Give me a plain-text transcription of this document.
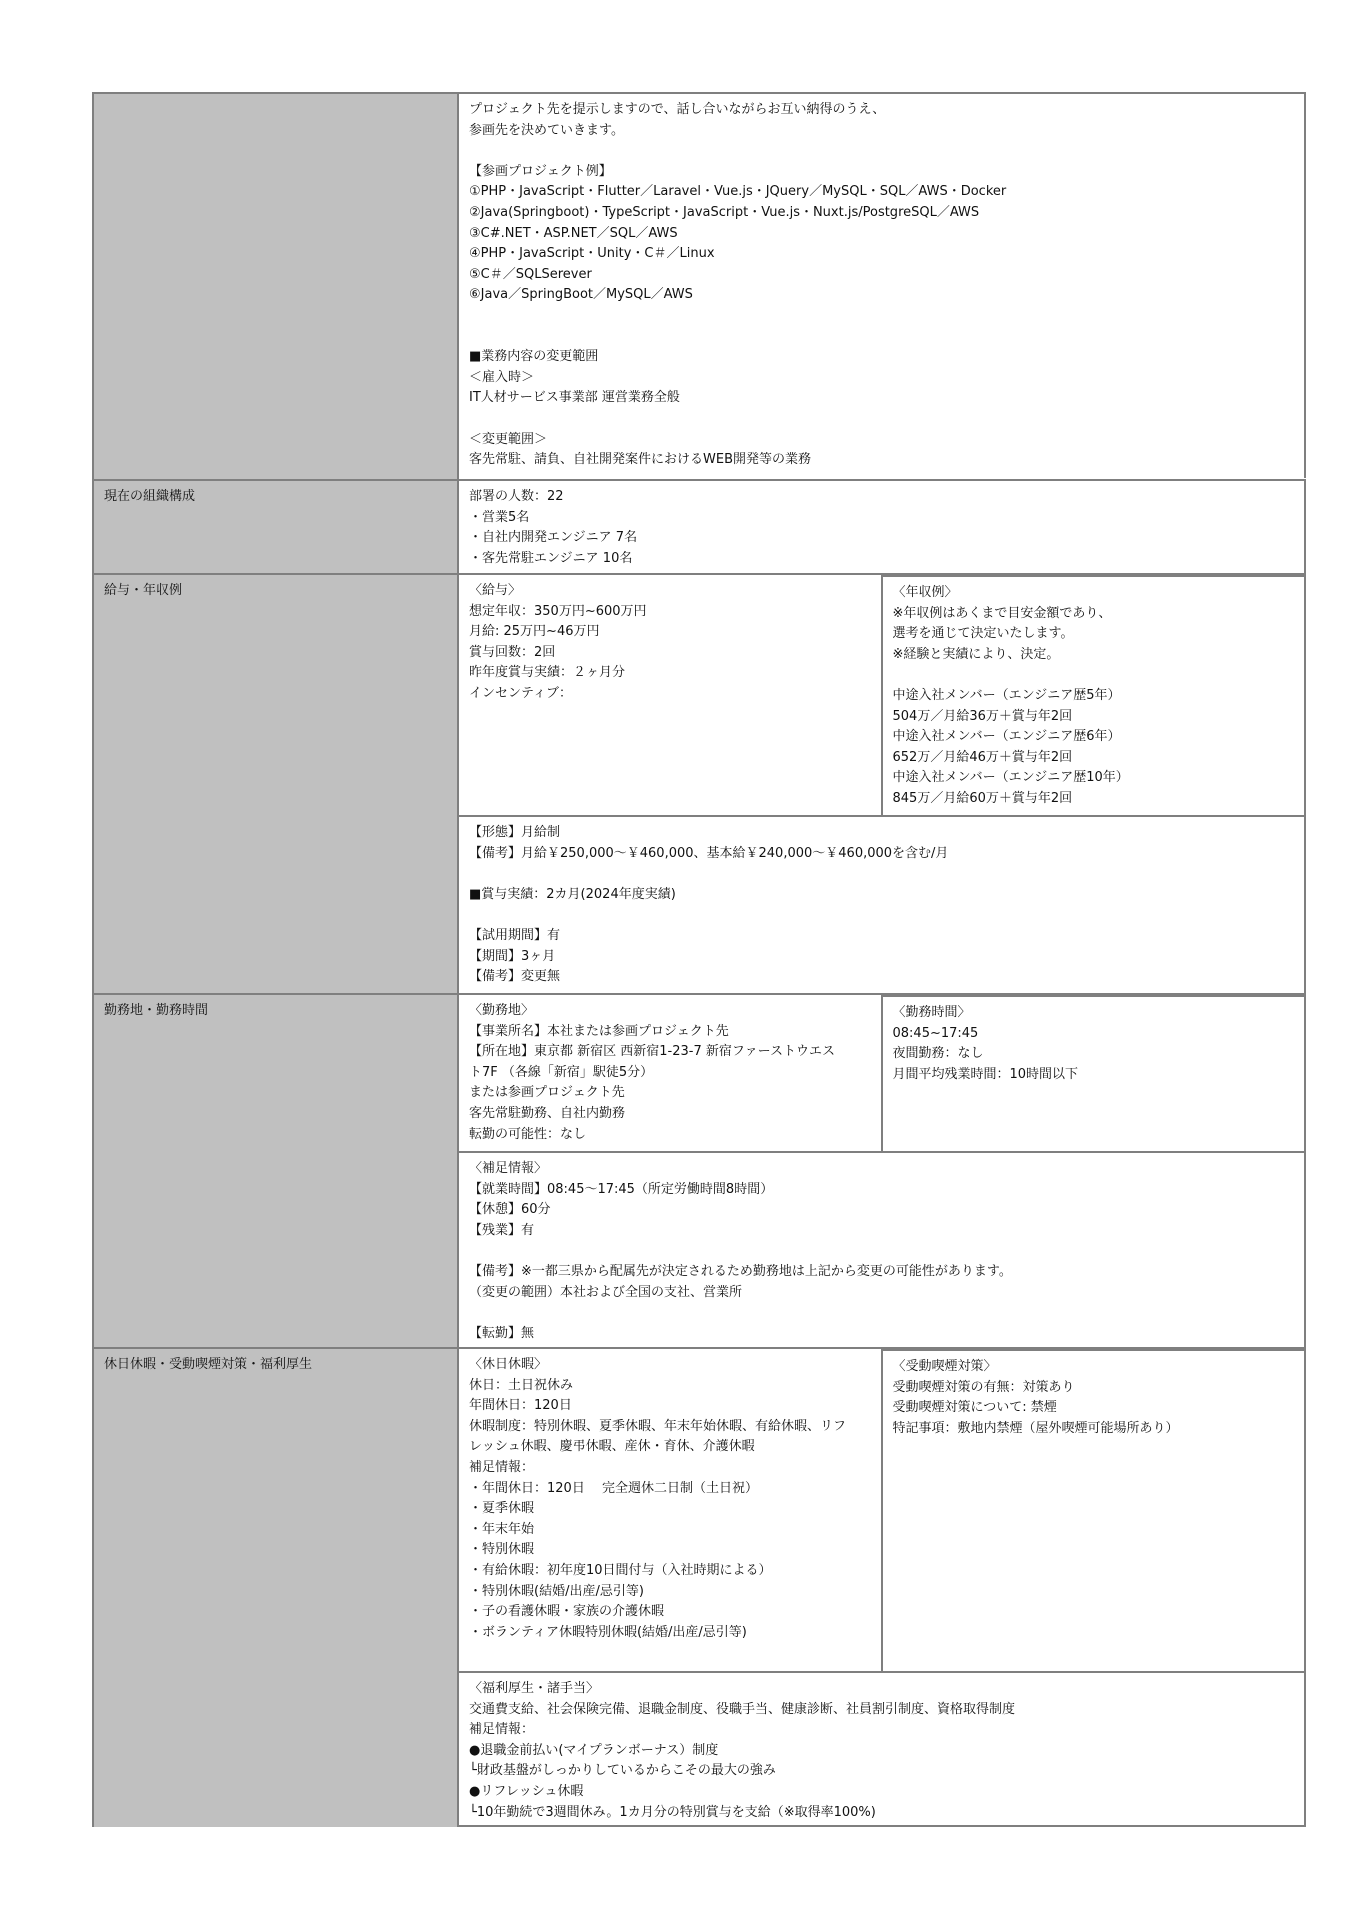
プロジェクト先を提示しますので、話し合いながらお互い納得のうえ、
参画先を決めていきます。
【参画プロジェクト例】
①PHP・JavaScript・Flutter／Laravel・Vue.js・JQuery／MySQL・SQL／AWS・Docker
②Java(Springboot)・TypeScript・JavaScript・Vue.js・Nuxt.js/PostgreSQL／AWS
③C#.NET・ASP.NET／SQL／AWS
④PHP・JavaScript・Unity・C＃／Linux
⑤C＃／SQLSerever
⑥Java／SpringBoot／MySQL／AWS
■業務内容の変更範囲
＜雇入時＞
IT人材サービス事業部 運営業務全般
＜変更範囲＞
客先常駐、請負、自社開発案件におけるWEB開発等の業務
現在の組織構成	部署の人数：22
・営業5名
・自社内開発エンジニア 7名
・客先常駐エンジニア 10名
給与・年収例	〈給与〉
想定年収：350万円~600万円
月給: 25万円~46万円
賞与回数：2回
昨年度賞与実績：２ヶ月分
インセンティブ：
〈年収例〉
※年収例はあくまで目安金額であり、
選考を通じて決定いたします。
※経験と実績により、決定。
中途入社メンバー（エンジニア歴5年）
504万／月給36万＋賞与年2回
中途入社メンバー（エンジニア歴6年）
652万／月給46万＋賞与年2回
中途入社メンバー（エンジニア歴10年）
845万／月給60万＋賞与年2回
【形態】月給制
【備考】月給￥250,000～￥460,000、基本給￥240,000～￥460,000を含む/月
■賞与実績：2カ月(2024年度実績)
【試用期間】有
【期間】3ヶ月
【備考】変更無
勤務地・勤務時間	〈勤務地〉
【事業所名】本社または参画プロジェクト先
【所在地】東京都 新宿区 西新宿1-23-7 新宿ファーストウエス
ト7F （各線「新宿」駅徒5分）
または参画プロジェクト先
客先常駐勤務、自社内勤務
転勤の可能性：なし
〈勤務時間〉
08:45~17:45
夜間勤務：なし
月間平均残業時間：10時間以下
〈補足情報〉
【就業時間】08:45～17:45（所定労働時間8時間）
【休憩】60分
【残業】有
【備考】※一都三県から配属先が決定されるため勤務地は上記から変更の可能性があります。
（変更の範囲）本社および全国の支社、営業所
【転勤】無
休日休暇・受動喫煙対策・福利厚生	〈休日休暇〉
休日：土日祝休み
年間休日：120日
休暇制度：特別休暇、夏季休暇、年末年始休暇、有給休暇、リフ
レッシュ休暇、慶弔休暇、産休・育休、介護休暇
補足情報：
・年間休日：120日　 完全週休二日制（土日祝）
・夏季休暇
・年末年始
・特別休暇
・有給休暇：初年度10日間付与（入社時期による）
・特別休暇(結婚/出産/忌引等)
・子の看護休暇・家族の介護休暇
・ボランティア休暇特別休暇(結婚/出産/忌引等)
〈受動喫煙対策〉
受動喫煙対策の有無：対策あり
受動喫煙対策について: 禁煙
特記事項：敷地内禁煙（屋外喫煙可能場所あり）
〈福利厚生・諸手当〉
交通費支給、社会保険完備、退職金制度、役職手当、健康診断、社員割引制度、資格取得制度
補足情報：
●退職金前払い(マイプランボーナス）制度
└財政基盤がしっかりしているからこその最大の強み
●リフレッシュ休暇
└10年勤続で3週間休み。1カ月分の特別賞与を支給（※取得率100%)
